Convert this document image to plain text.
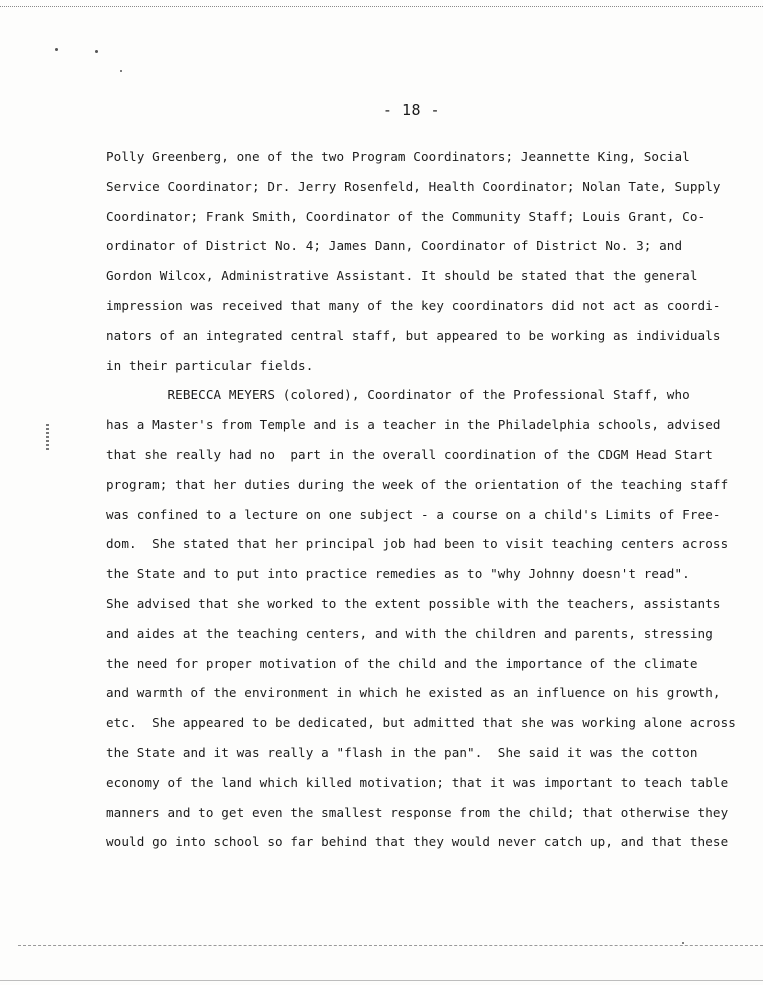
- 18 -
Polly Greenberg, one of the two Program Coordinators; Jeannette King, Social
Service Coordinator; Dr. Jerry Rosenfeld, Health Coordinator; Nolan Tate, Supply
Coordinator; Frank Smith, Coordinator of the Community Staff; Louis Grant, Co-
ordinator of District No. 4; James Dann, Coordinator of District No. 3; and
Gordon Wilcox, Administrative Assistant. It should be stated that the general
impression was received that many of the key coordinators did not act as coordi-
nators of an integrated central staff, but appeared to be working as individuals
in their particular fields.
REBECCA MEYERS (colored), Coordinator of the Professional Staff, who
has a Master's from Temple and is a teacher in the Philadelphia schools, advised
that she really had no  part in the overall coordination of the CDGM Head Start
program; that her duties during the week of the orientation of the teaching staff
was confined to a lecture on one subject - a course on a child's Limits of Free-
dom.  She stated that her principal job had been to visit teaching centers across
the State and to put into practice remedies as to "why Johnny doesn't read".
She advised that she worked to the extent possible with the teachers, assistants
and aides at the teaching centers, and with the children and parents, stressing
the need for proper motivation of the child and the importance of the climate
and warmth of the environment in which he existed as an influence on his growth,
etc.  She appeared to be dedicated, but admitted that she was working alone across
the State and it was really a "flash in the pan".  She said it was the cotton
economy of the land which killed motivation; that it was important to teach table
manners and to get even the smallest response from the child; that otherwise they
would go into school so far behind that they would never catch up, and that these
